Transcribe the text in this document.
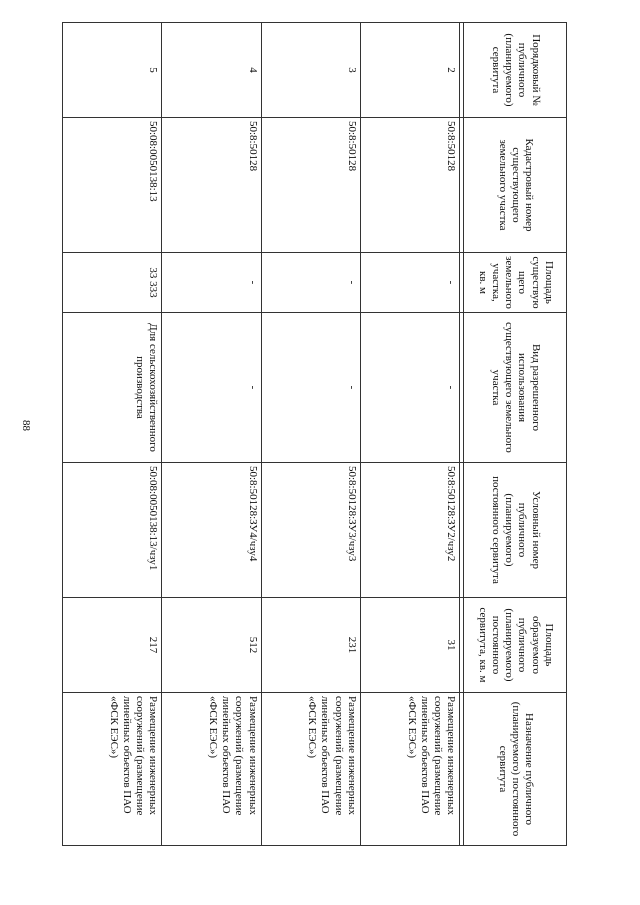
88
Порядковый № публичного (планируемого) сервитута	Кадастровый номер существующего земельного участка	Площадь существую щего земельного участка, кв. м	Вид разрешенного использования существующего земельного участка	Условный номер публичного (планируемого) постоянного сервитута	Площадь образуемого публичного (планируемого) постоянного сервитута, кв. м	Назначение публичного (планируемого) постоянного сервитута

2	50:8:50128	-	-	50:8:50128:ЗУ2/чзу2	31	Размещение инженерных сооружений (размещение линейных объектов ПАО «ФСК ЕЭС»)
3	50:8:50128	-	-	50:8:50128:ЗУ3/чзу3	231	Размещение инженерных сооружений (размещение линейных объектов ПАО «ФСК ЕЭС»)
4	50:8:50128	-	-	50:8:50128:ЗУ4/чзу4	512	Размещение инженерных сооружений (размещение линейных объектов ПАО «ФСК ЕЭС»)
5	50:08:0050138:13	33 333	Для сельскохозяйственного производства	50:08:0050138:13/чзу1	217	Размещение инженерных сооружений (размещение линейных объектов ПАО «ФСК ЕЭС»)
